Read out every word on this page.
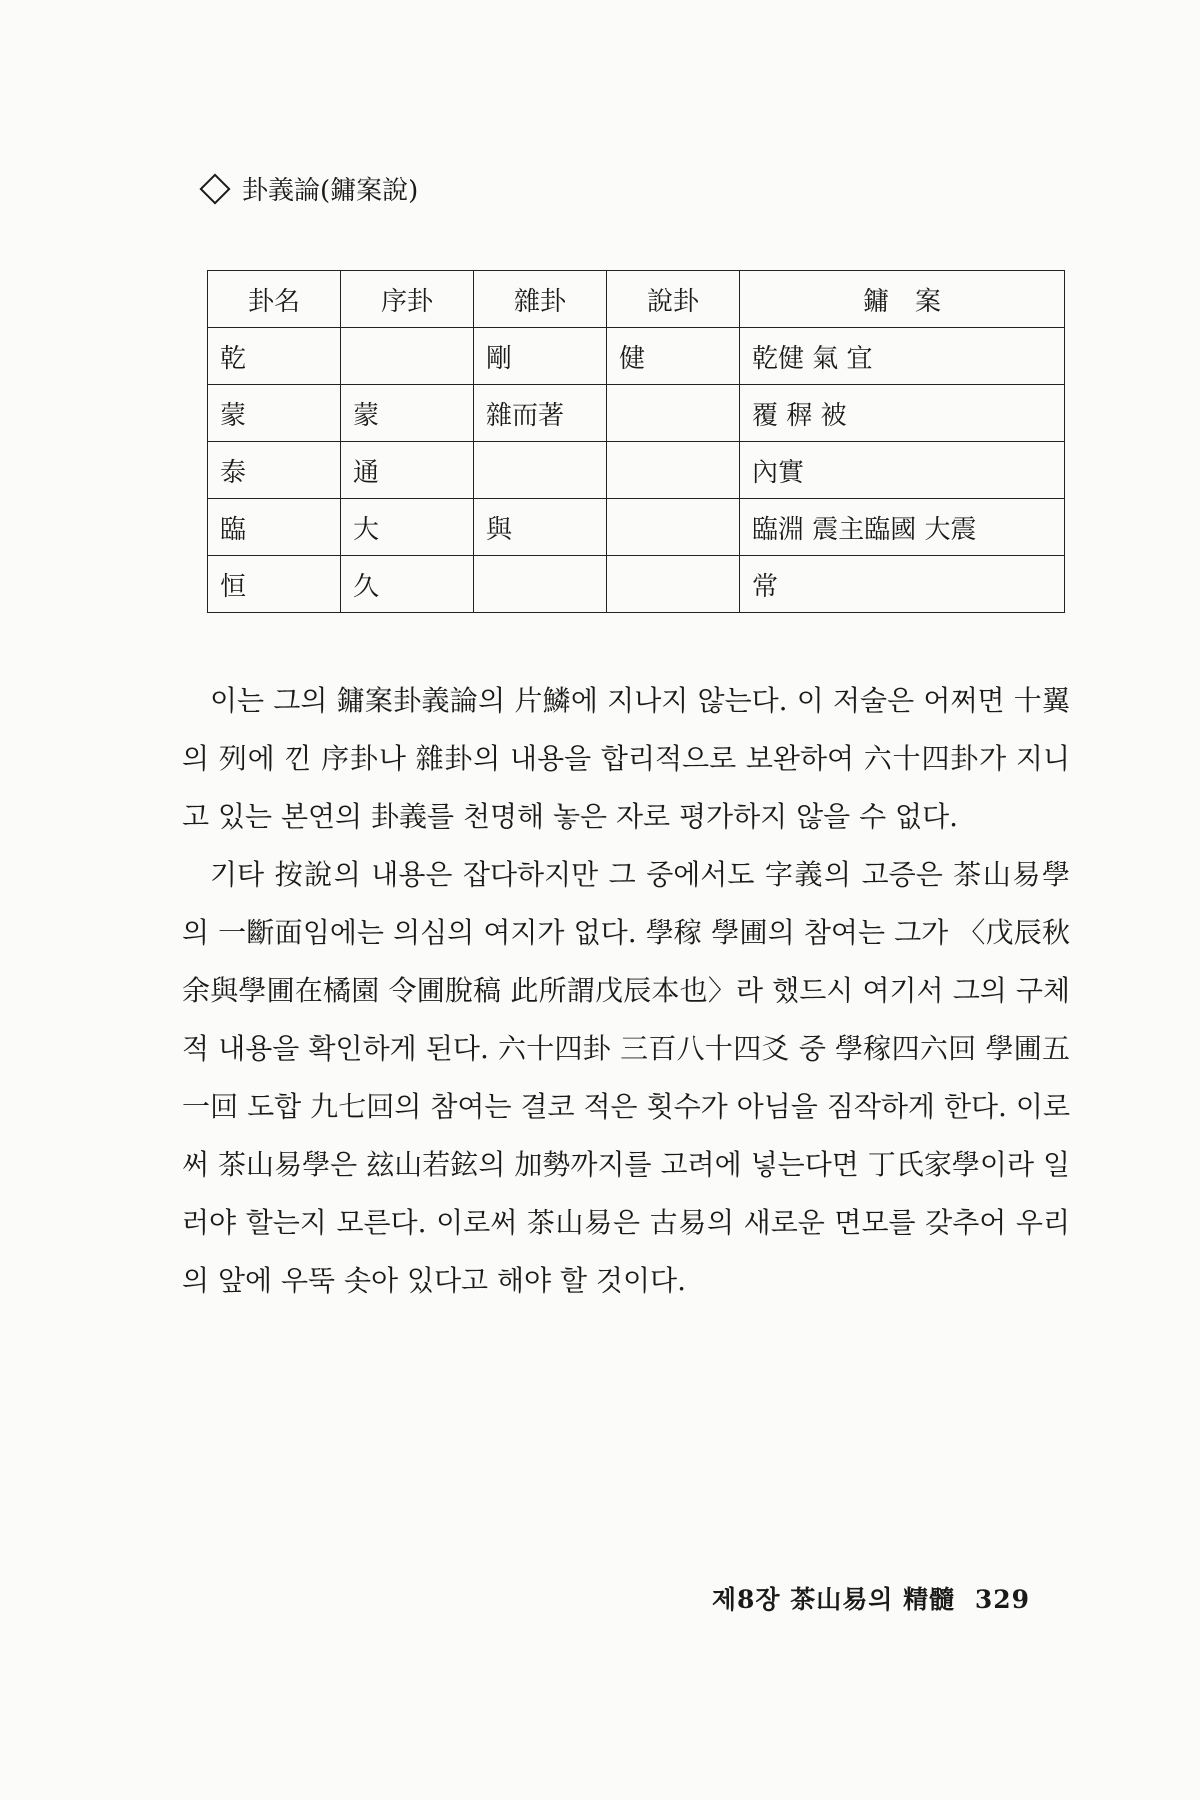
卦義論(鏞案說)
卦名	序卦	雜卦	說卦	鏞　案
乾		剛	健	乾健 氣 宜
蒙	蒙	雜而著		覆 稺 被
泰	通			內實
臨	大	與		臨淵 震主臨國 大震
恒	久			常

이는 그의 鏞案卦義論의 片鱗에 지나지 않는다. 이 저술은 어쩌면 十翼의 列에 낀 序卦나 雜卦의 내용을 합리적으로 보완하여 六十四卦가 지니고 있는 본연의 卦義를 천명해 놓은 자로 평가하지 않을 수 없다.

기타 按說의 내용은 잡다하지만 그 중에서도 字義의 고증은 茶山易學의 一斷面임에는 의심의 여지가 없다. 學稼 學圃의 참여는 그가 〈戊辰秋 余與學圃在橘園 令圃脫稿 此所謂戊辰本也〉라 했드시 여기서 그의 구체적 내용을 확인하게 된다. 六十四卦 三百八十四爻 중 學稼四六回 學圃五一回 도합 九七回의 참여는 결코 적은 횟수가 아님을 짐작하게 한다. 이로써 茶山易學은 玆山若鉉의 加勢까지를 고려에 넣는다면 丁氏家學이라 일러야 할는지 모른다. 이로써 茶山易은 古易의 새로운 면모를 갖추어 우리의 앞에 우뚝 솟아 있다고 해야 할 것이다.

제8장 茶山易의 精髓 329
